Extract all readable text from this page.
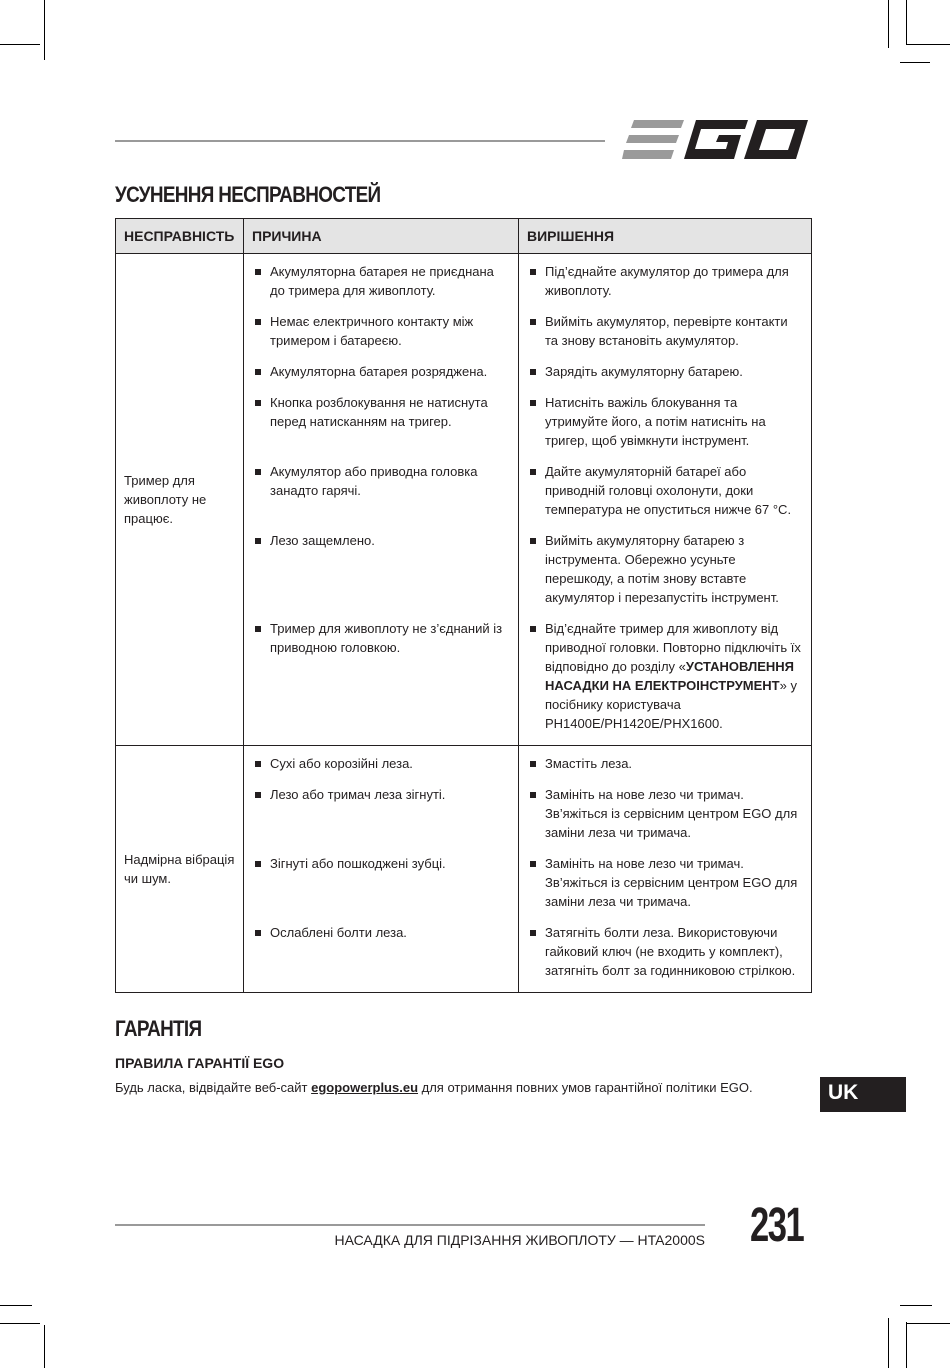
УСУНЕННЯ НЕСПРАВНОСТЕЙ
НЕСПРАВНІСТЬ	ПРИЧИНА	ВИРІШЕННЯ
Тример для живоплоту не працює.	Акумуляторна батарея не приєднана до тримера для живоплоту.	Під’єднайте акумулятор до тримера для живоплоту.

	Немає електричного контакту між тримером і батареєю.	Вийміть акумулятор, перевірте контакти та знову встановіть акумулятор.

	Акумуляторна батарея розряджена.	Зарядіть акумуляторну батарею.

	Кнопка розблокування не натиснута перед натисканням на тригер.	Натисніть важіль блокування та утримуйте його, а потім натисніть на тригер, щоб увімкнути інструмент.

	Акумулятор або приводна головка занадто гарячі.	Дайте акумуляторній батареї або приводній головці охолонути, доки температура не опуститься нижче 67 °C.

	Лезо защемлено.	Вийміть акумуляторну батарею з інструмента. Обережно усуньте перешкоду, а потім знову вставте акумулятор і перезапустіть інструмент.

	Тример для живоплоту не з’єднаний із приводною головкою.	Від’єднайте тример для живоплоту від приводної головки. Повторно підключіть їх відповідно до розділу «УСТАНОВЛЕННЯ НАСАДКИ НА ЕЛЕКТРОІНСТРУМЕНТ» у посібнику користувача PH1400E/PH1420E/PHX1600.

Надмірна вібрація чи шум.	Сухі або корозійні леза.	Змастіть леза.

	Лезо або тримач леза зігнуті.	Замініть на нове лезо чи тримач. Зв’яжіться із сервісним центром EGO для заміни леза чи тримача.

	Зігнуті або пошкоджені зубці.	Замініть на нове лезо чи тримач. Зв’яжіться із сервісним центром EGO для заміни леза чи тримача.

	Ослаблені болти леза.	Затягніть болти леза. Використовуючи гайковий ключ (не входить у комплект), затягніть болт за годинниковою стрілкою.
ГАРАНТІЯ
ПРАВИЛА ГАРАНТІЇ EGO

Будь ласка, відвідайте веб-сайт egopowerplus.eu для отримання повних умов гарантійної політики EGO.	UK

НАСАДКА ДЛЯ ПІДРІЗАННЯ ЖИВОПЛОТУ — HTA2000S 231
